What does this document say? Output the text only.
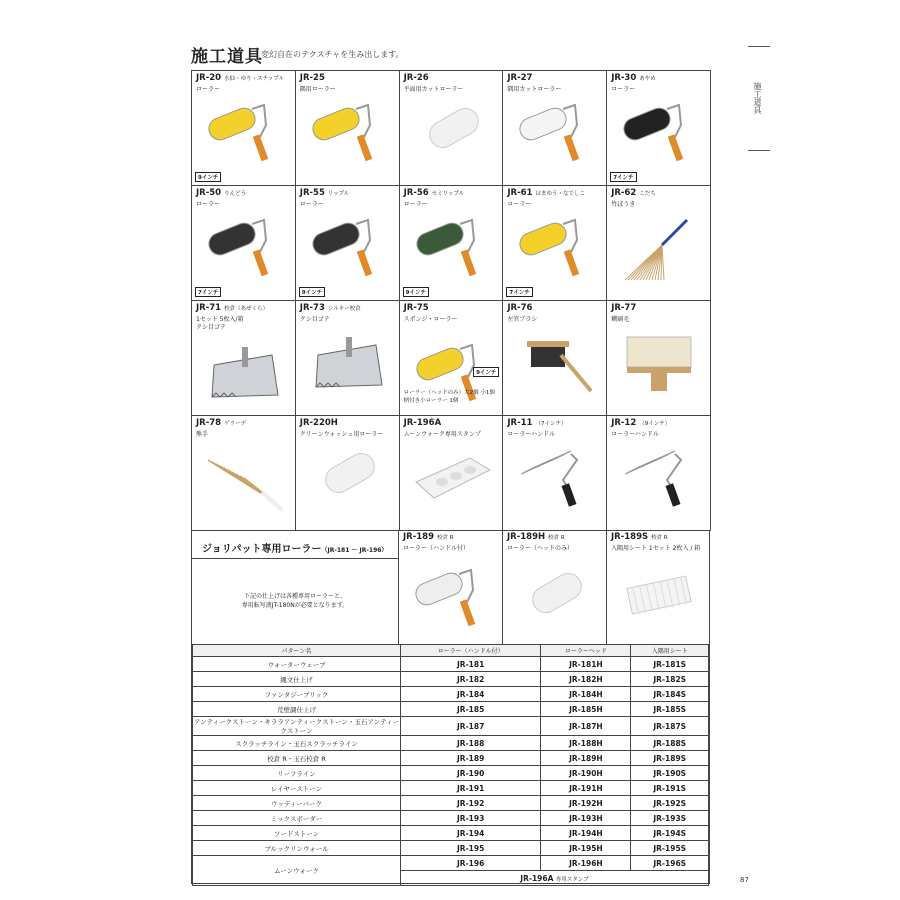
施工道具
変幻自在のテクスチャを生み出します。
施工道具
JR-20 水仙・ゆり・スチップル
ローラー
9インチ
JR-25
隅用ローラー
JR-26
平面用カットローラー
JR-27
隅用カットローラー
JR-30 あやめ
ローラー
7インチ
JR-50 りんどう
ローラー
7インチ
JR-55 リップル
ローラー
9インチ
JR-56 セミリップル
ローラー
9インチ
JR-61 はまゆう・なでしこ
ローラー
7インチ
JR-62 こだち
竹ぼうき
JR-71 校倉（あぜくら）
1セット 5枚入/箱
クシ目ゴテ
JR-73 シルキー校倉
クシ目ゴテ
JR-75
スポンジ・ローラー
ローラー（ヘッドのみ）大2個 小1個
柄付き小ローラー 1個
9インチ
JR-76
左官ブラシ
JR-77
糊刷毛
JR-78 ゲラーデ
熊手
JR-220H
クリーンウォッシュ用ローラー
JR-196A
ムーンウォーク専用スタンプ
JR-11 （7インチ）
ローラーハンドル
JR-12 （9インチ）
ローラーハンドル
ジョリパット専用ローラー（JR-181 ～ JR-196）
下記の仕上げは各種専用ローラーと、
専用転写液JT-180Nが必要となります。
JR-189 校倉 R
ローラー（ハンドル付）
JR-189H 校倉 R
ローラー（ヘッドのみ）
JR-189S 校倉 R
入隅用シート 1セット 2枚入 / 箱
パターン名	ローラー（ハンドル付）	ローラーヘッド	入隅用シート
ウォーターウェーブ	JR-181	JR-181H	JR-181S
縄文仕上げ	JR-182	JR-182H	JR-182S
ファンタジーブリック	JR-184	JR-184H	JR-184S
荒壁調仕上げ	JR-185	JR-185H	JR-185S
アンティークストーン・キララアンティークストーン・玉石アンティークストーン	JR-187	JR-187H	JR-187S
スクラッチライン・玉石スクラッチライン	JR-188	JR-188H	JR-188S
校倉 R・玉石校倉 R	JR-189	JR-189H	JR-189S
リーフライン	JR-190	JR-190H	JR-190S
レイヤーストーン	JR-191	JR-191H	JR-191S
ウッディーバーク	JR-192	JR-192H	JR-192S
ミックスボーダー	JR-193	JR-193H	JR-193S
ソードストーン	JR-194	JR-194H	JR-194S
ブルックリンウォール	JR-195	JR-195H	JR-195S
ムーンウォーク	JR-196	JR-196H	JR-196S
	JR-196A 専用スタンプ			87
